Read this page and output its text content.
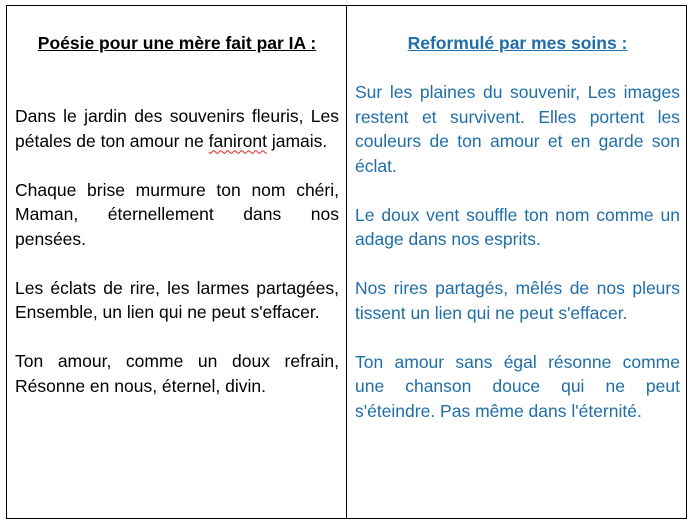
Poésie pour une mère fait par IA :

Dans le jardin des souvenirs fleuris, Les pétales de ton amour ne faniront jamais.

Chaque brise murmure ton nom chéri, Maman, éternellement dans nos pensées.

Les éclats de rire, les larmes partagées, Ensemble, un lien qui ne peut s'effacer.

Ton amour, comme un doux refrain, Résonne en nous, éternel, divin.

Reformulé par mes soins :

Sur les plaines du souvenir, Les images restent et survivent. Elles portent les couleurs de ton amour et en garde son éclat.

Le doux vent souffle ton nom comme un adage dans nos esprits.

Nos rires partagés, mêlés de nos pleurs tissent un lien qui ne peut s'effacer.

Ton amour sans égal résonne comme une chanson douce qui ne peut s'éteindre. Pas même dans l'éternité.
